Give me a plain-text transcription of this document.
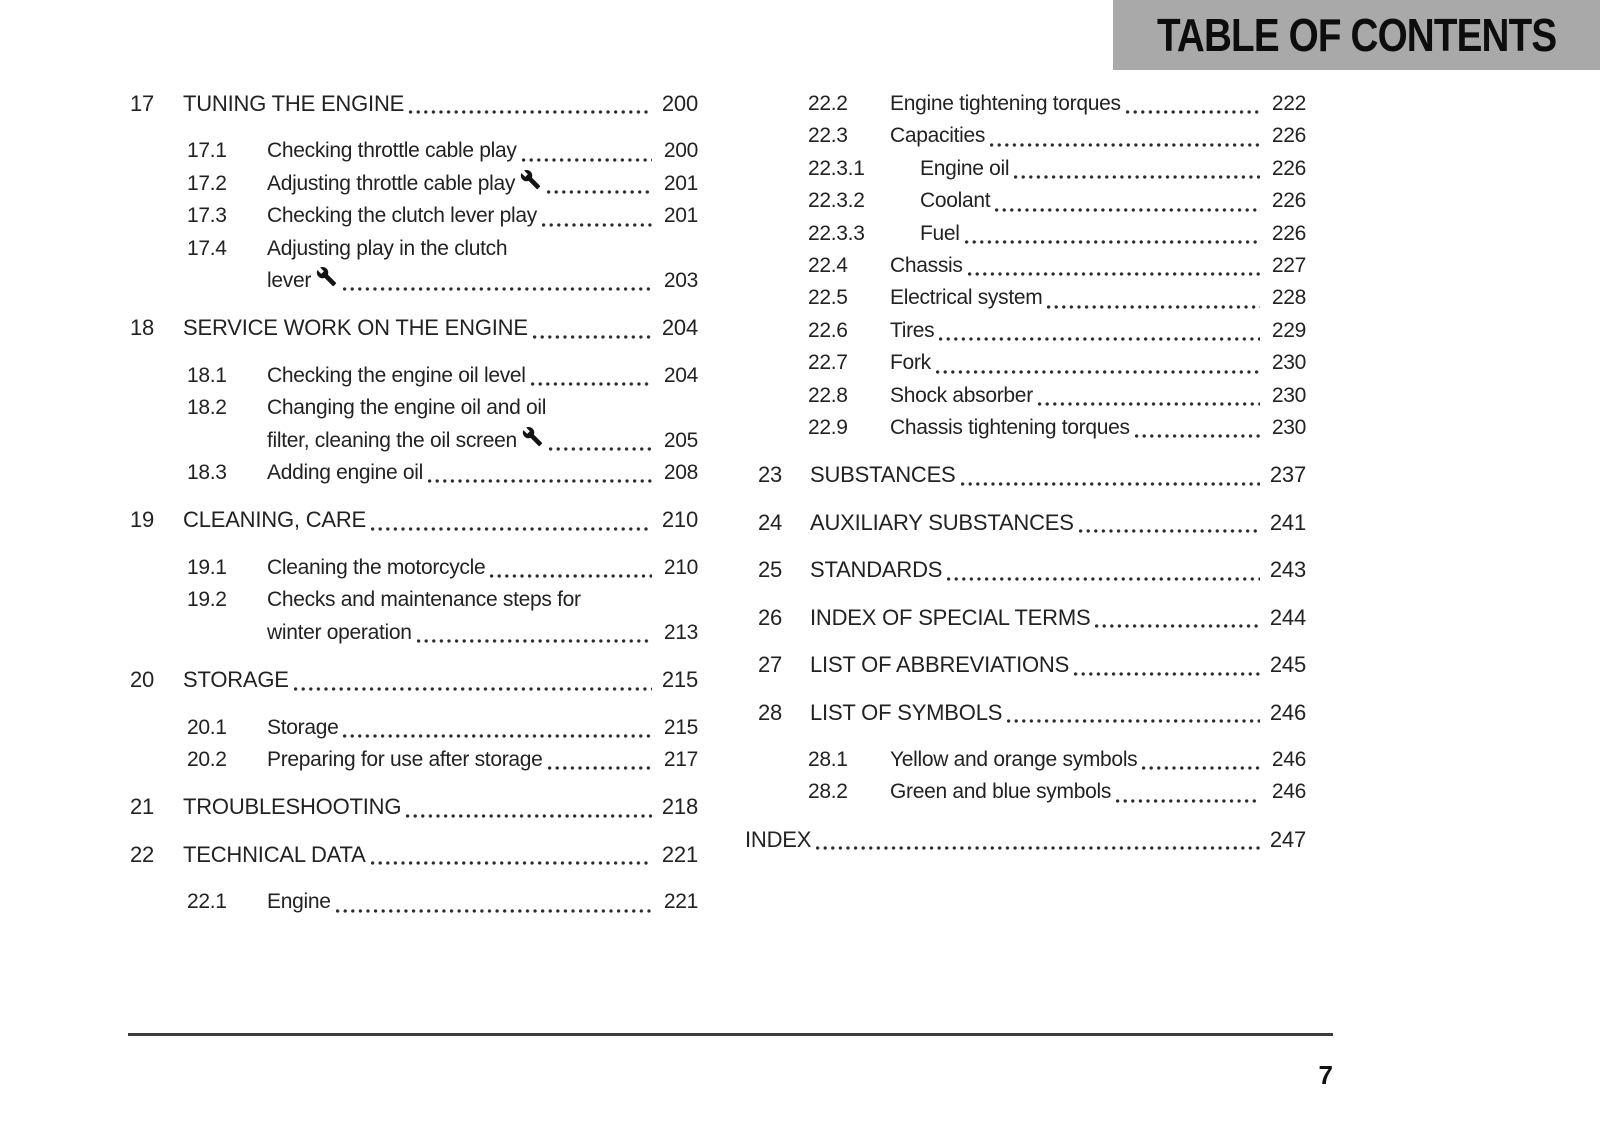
TABLE OF CONTENTS
17	TUNING THE ENGINE	200
17.1	Checking throttle cable play	200
17.2	Adjusting throttle cable play	201
17.3	Checking the clutch lever play	201
17.4	Adjusting play in the clutch
lever	203
18	SERVICE WORK ON THE ENGINE	204
18.1	Checking the engine oil level	204
18.2	Changing the engine oil and oil
filter, cleaning the oil screen	205
18.3	Adding engine oil	208
19	CLEANING, CARE	210
19.1	Cleaning the motorcycle	210
19.2	Checks and maintenance steps for
winter operation	213
20	STORAGE	215
20.1	Storage	215
20.2	Preparing for use after storage	217
21	TROUBLESHOOTING	218
22	TECHNICAL DATA	221
22.1	Engine	221
22.2	Engine tightening torques	222
22.3	Capacities	226
22.3.1	Engine oil	226
22.3.2	Coolant	226
22.3.3	Fuel	226
22.4	Chassis	227
22.5	Electrical system	228
22.6	Tires	229
22.7	Fork	230
22.8	Shock absorber	230
22.9	Chassis tightening torques	230
23	SUBSTANCES	237
24	AUXILIARY SUBSTANCES	241
25	STANDARDS	243
26	INDEX OF SPECIAL TERMS	244
27	LIST OF ABBREVIATIONS	245
28	LIST OF SYMBOLS	246
28.1	Yellow and orange symbols	246
28.2	Green and blue symbols	246
INDEX	247
7
